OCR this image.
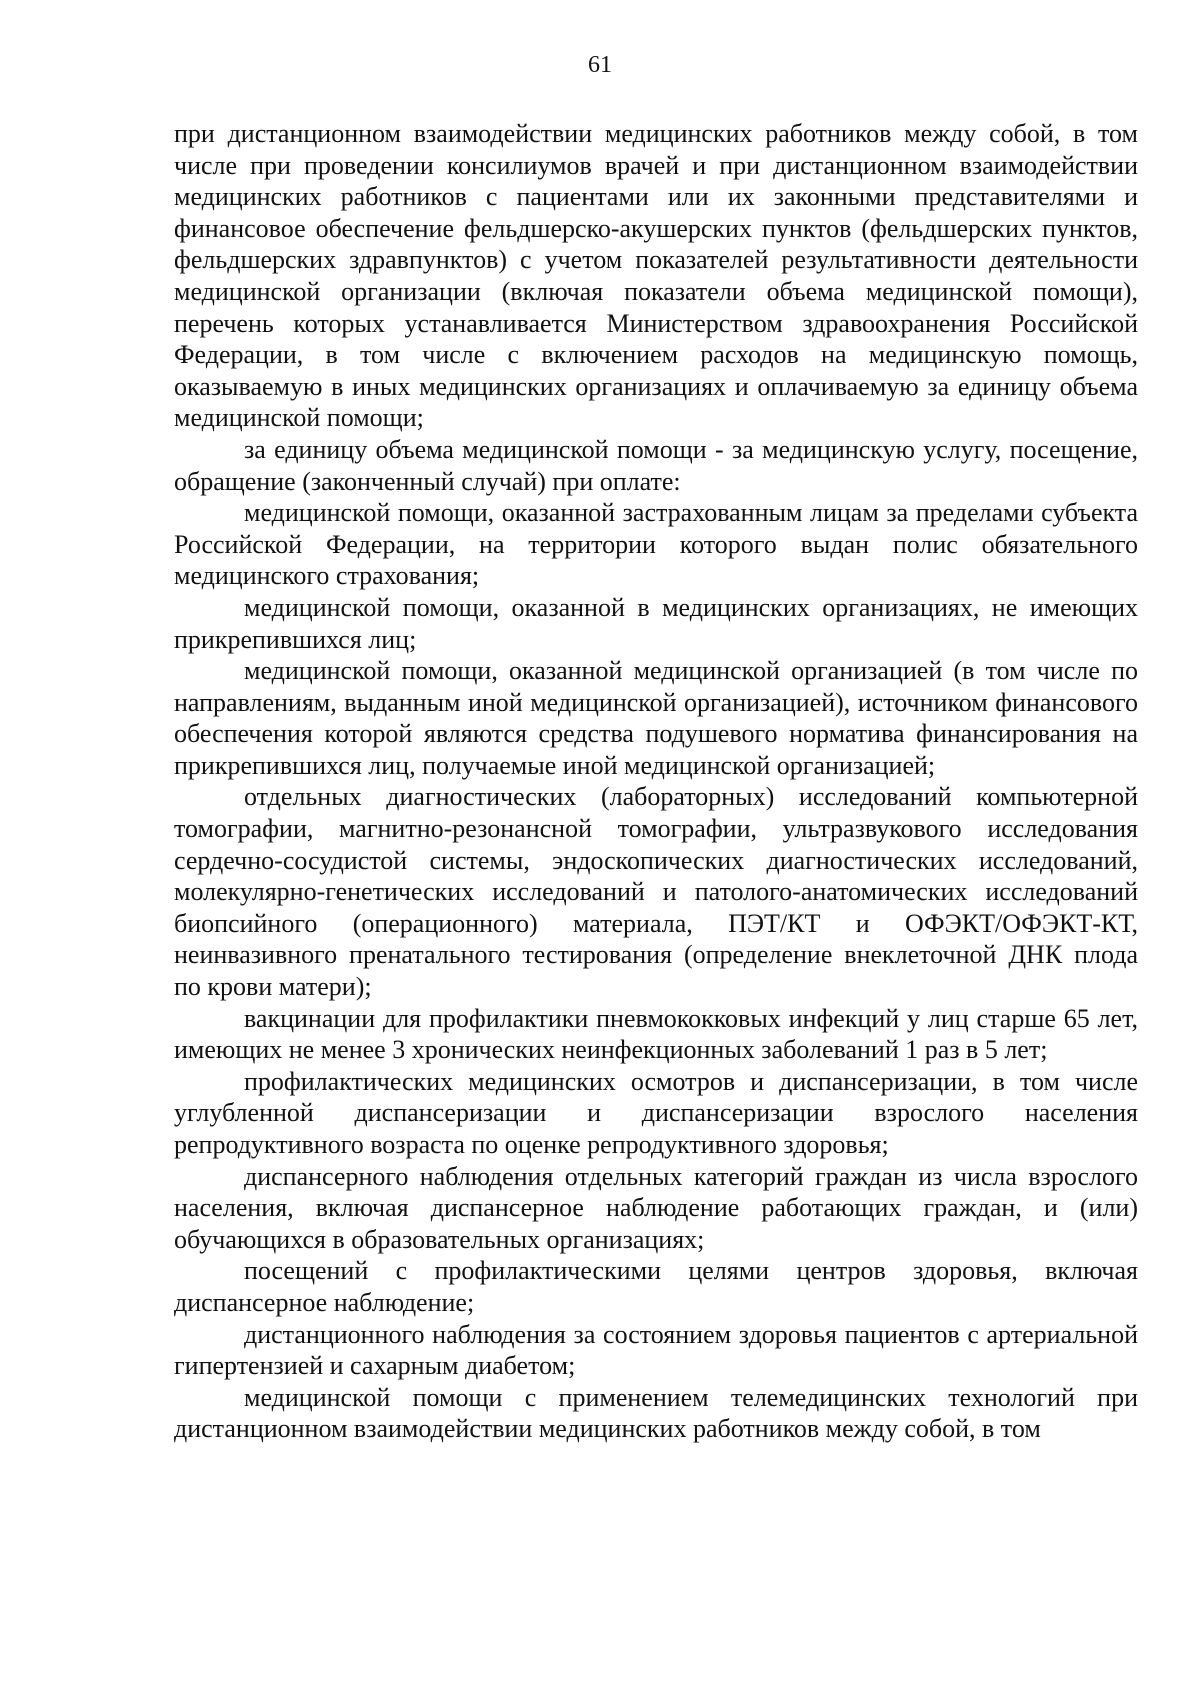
61

при дистанционном взаимодействии медицинских работников между собой, в том числе при проведении консилиумов врачей и при дистанционном взаимодействии медицинских работников с пациентами или их законными представителями и финансовое обеспечение фельдшерско-акушерских пунктов (фельдшерских пунктов, фельдшерских здравпунктов) с учетом показателей результативности деятельности медицинской организации (включая показатели объема медицинской помощи), перечень которых устанавливается Министерством здравоохранения Российской Федерации, в том числе с включением расходов на медицинскую помощь, оказываемую в иных медицинских организациях и оплачиваемую за единицу объема медицинской помощи;

за единицу объема медицинской помощи - за медицинскую услугу, посещение, обращение (законченный случай) при оплате:

медицинской помощи, оказанной застрахованным лицам за пределами субъекта Российской Федерации, на территории которого выдан полис обязательного медицинского страхования;

медицинской помощи, оказанной в медицинских организациях, не имеющих прикрепившихся лиц;

медицинской помощи, оказанной медицинской организацией (в том числе по направлениям, выданным иной медицинской организацией), источником финансового обеспечения которой являются средства подушевого норматива финансирования на прикрепившихся лиц, получаемые иной медицинской организацией;

отдельных диагностических (лабораторных) исследований компьютерной томографии, магнитно-резонансной томографии, ультразвукового исследования сердечно-сосудистой системы, эндоскопических диагностических исследований, молекулярно-генетических исследований и патолого-анатомических исследований биопсийного (операционного) материала, ПЭТ/КТ и ОФЭКТ/ОФЭКТ-КТ, неинвазивного пренатального тестирования (определение внеклеточной ДНК плода по крови матери);

вакцинации для профилактики пневмококковых инфекций у лиц старше 65 лет, имеющих не менее 3 хронических неинфекционных заболеваний 1 раз в 5 лет;

профилактических медицинских осмотров и диспансеризации, в том числе углубленной диспансеризации и диспансеризации взрослого населения репродуктивного возраста по оценке репродуктивного здоровья;

диспансерного наблюдения отдельных категорий граждан из числа взрослого населения, включая диспансерное наблюдение работающих граждан, и (или) обучающихся в образовательных организациях;

посещений с профилактическими целями центров здоровья, включая диспансерное наблюдение;

дистанционного наблюдения за состоянием здоровья пациентов с артериальной гипертензией и сахарным диабетом;

медицинской помощи с применением телемедицинских технологий при дистанционном взаимодействии медицинских работников между собой, в том
